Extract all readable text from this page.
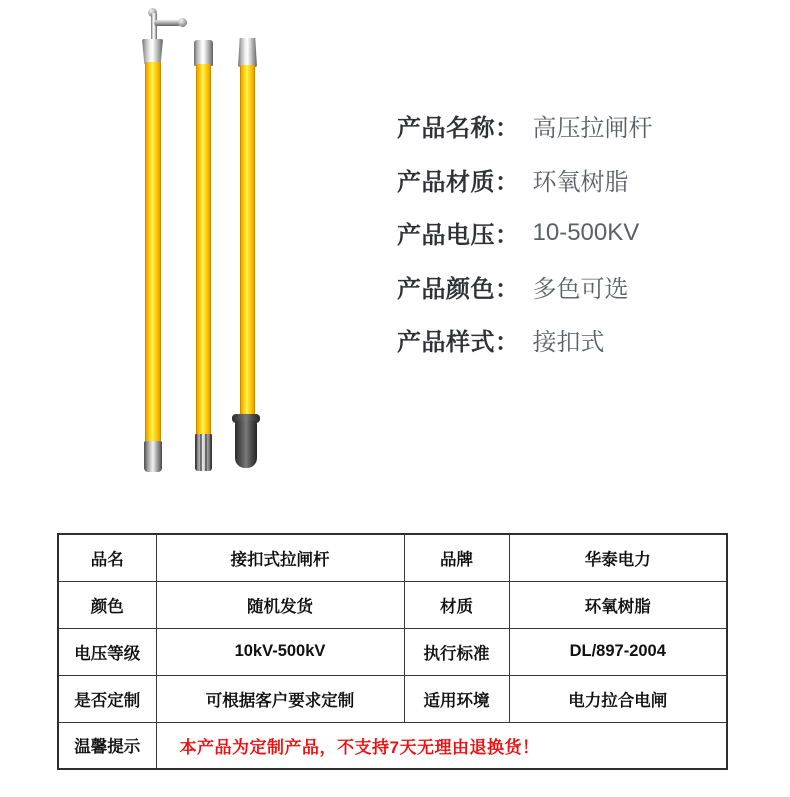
产品名称： 高压拉闸杆
产品材质： 环氧树脂
产品电压： 10-500KV
产品颜色： 多色可选
产品样式： 接扣式
品名	接扣式拉闸杆	品牌	华泰电力
颜色	随机发货	材质	环氧树脂
电压等级	10kV-500kV	执行标准	DL/897-2004
是否定制	可根据客户要求定制	适用环境	电力拉合电闸
温馨提示	本产品为定制产品，不支持7天无理由退换货！		
